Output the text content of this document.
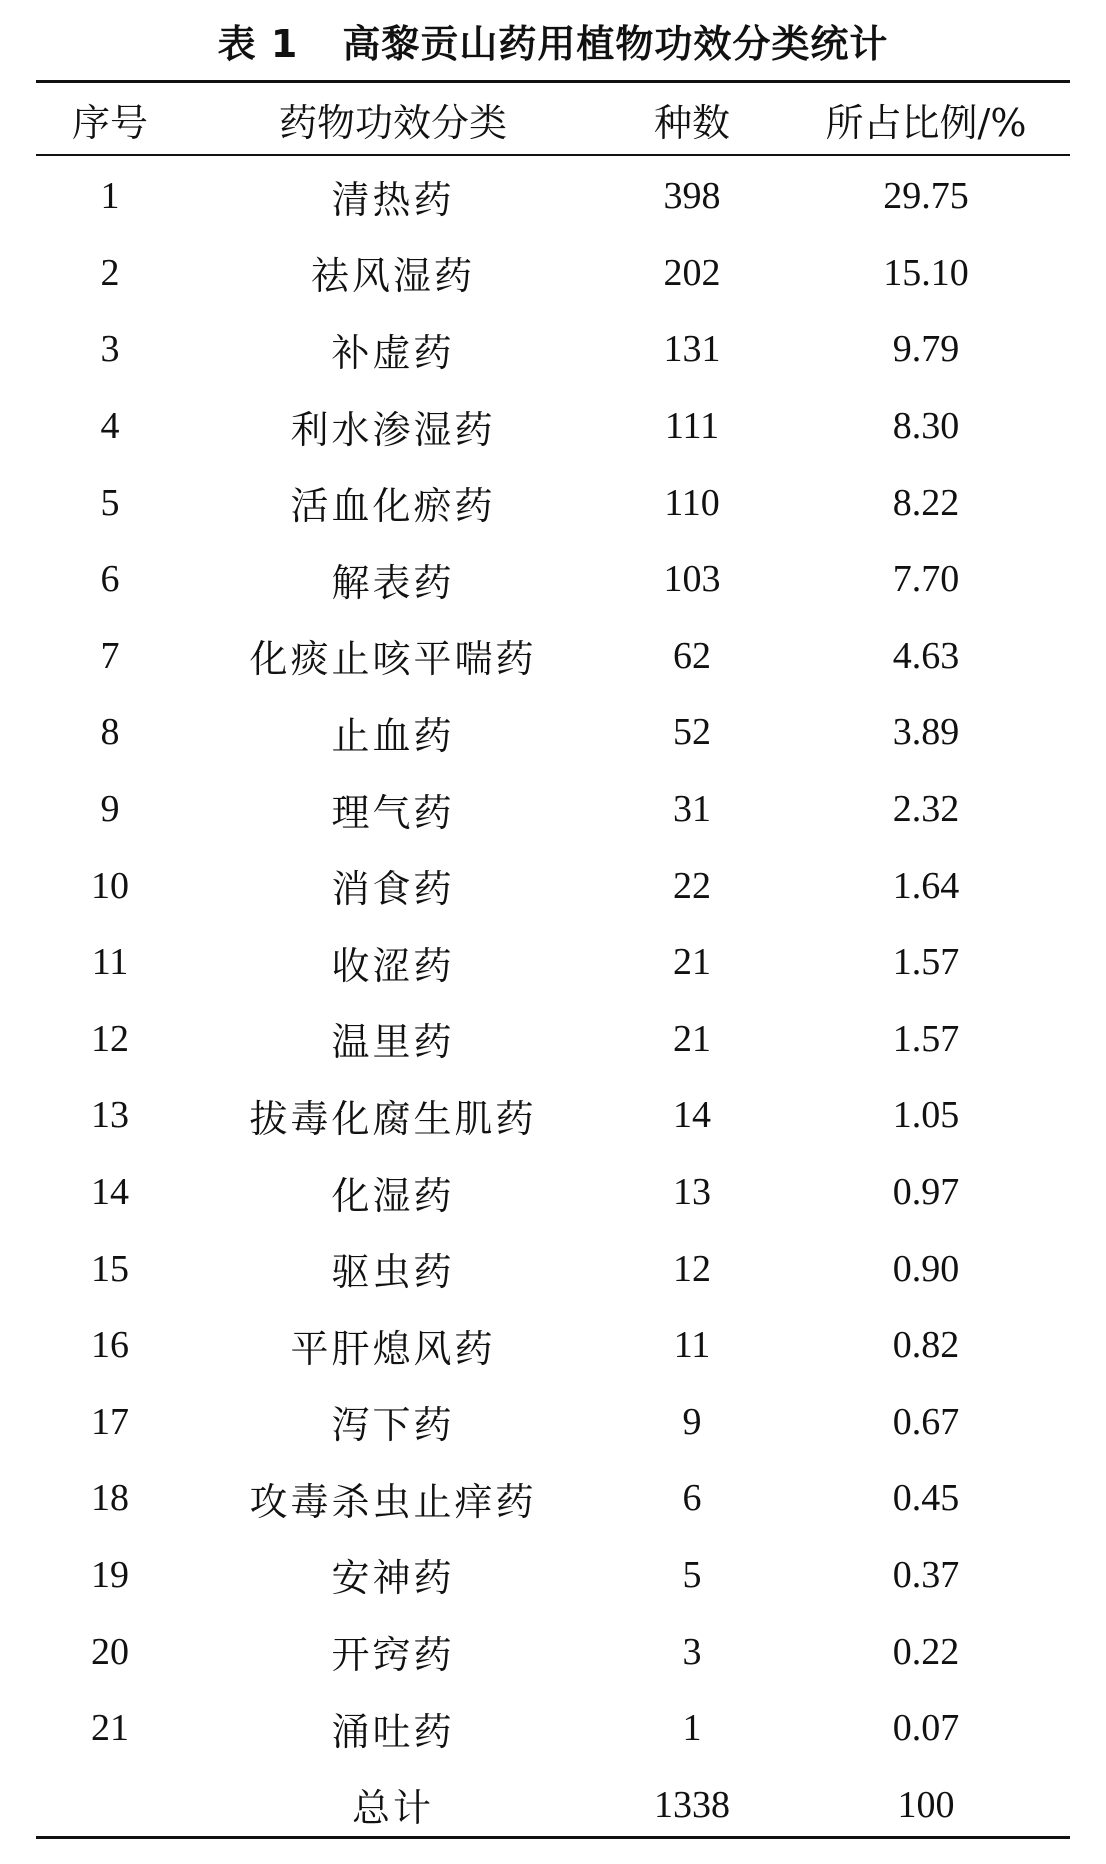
表 1 高黎贡山药用植物功效分类统计
序号	药物功效分类	种数	所占比例/%
1	清热药	398	29.75
2	祛风湿药	202	15.10
3	补虚药	131	9.79
4	利水渗湿药	111	8.30
5	活血化瘀药	110	8.22
6	解表药	103	7.70
7	化痰止咳平喘药	62	4.63
8	止血药	52	3.89
9	理气药	31	2.32
10	消食药	22	1.64
11	收涩药	21	1.57
12	温里药	21	1.57
13	拔毒化腐生肌药	14	1.05
14	化湿药	13	0.97
15	驱虫药	12	0.90
16	平肝熄风药	11	0.82
17	泻下药	9	0.67
18	攻毒杀虫止痒药	6	0.45
19	安神药	5	0.37
20	开窍药	3	0.22
21	涌吐药	1	0.07
	总计	1338	100
